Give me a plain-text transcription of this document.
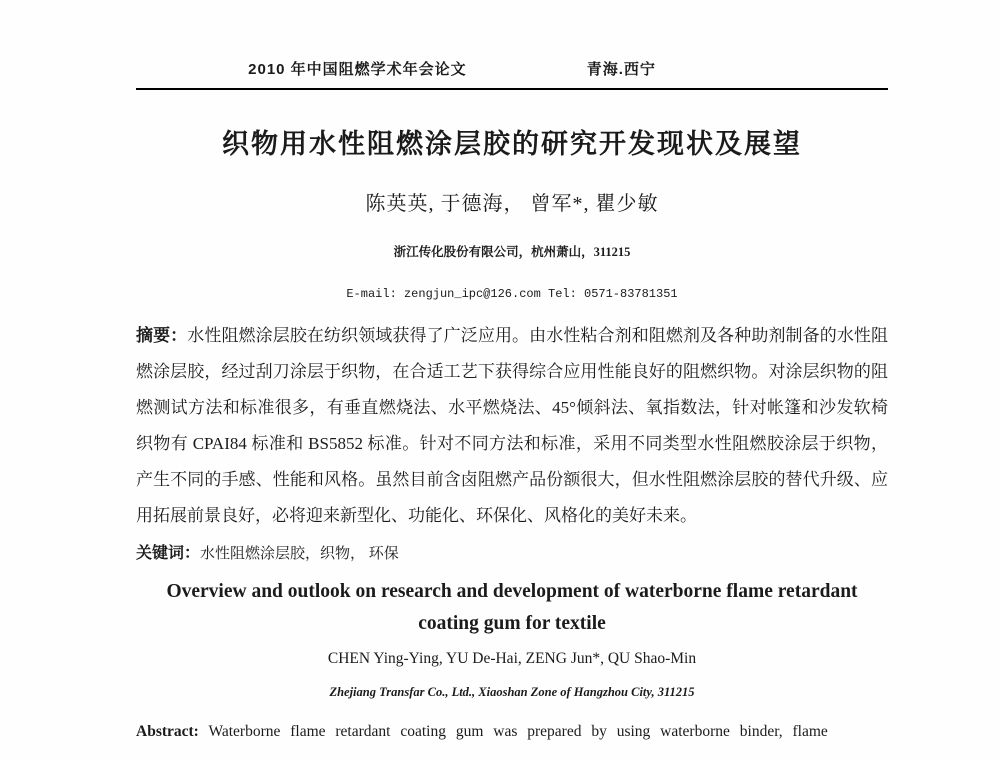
2010 年中国阻燃学术年会论文	青海.西宁
织物用水性阻燃涂层胶的研究开发现状及展望
陈英英, 于德海， 曾军*, 瞿少敏
浙江传化股份有限公司，杭州萧山，311215
E-mail: zengjun_ipc@126.com Tel: 0571-83781351

摘要：水性阻燃涂层胶在纺织领域获得了广泛应用。由水性粘合剂和阻燃剂及各种助剂制备的水性阻燃涂层胶，经过刮刀涂层于织物，在合适工艺下获得综合应用性能良好的阻燃织物。对涂层织物的阻燃测试方法和标准很多，有垂直燃烧法、水平燃烧法、45°倾斜法、氧指数法，针对帐篷和沙发软椅织物有 CPAI84 标准和 BS5852 标准。针对不同方法和标准，采用不同类型水性阻燃胶涂层于织物，产生不同的手感、性能和风格。虽然目前含卤阻燃产品份额很大，但水性阻燃涂层胶的替代升级、应用拓展前景良好，必将迎来新型化、功能化、环保化、风格化的美好未来。

关键词：水性阻燃涂层胶，织物， 环保

Overview and outlook on research and development of waterborne flame retardant coating gum for textile
CHEN Ying-Ying, YU De-Hai, ZENG Jun*, QU Shao-Min
Zhejiang Transfar Co., Ltd., Xiaoshan Zone of Hangzhou City, 311215

Abstract: Waterborne flame retardant coating gum was prepared by using waterborne binder, flame
